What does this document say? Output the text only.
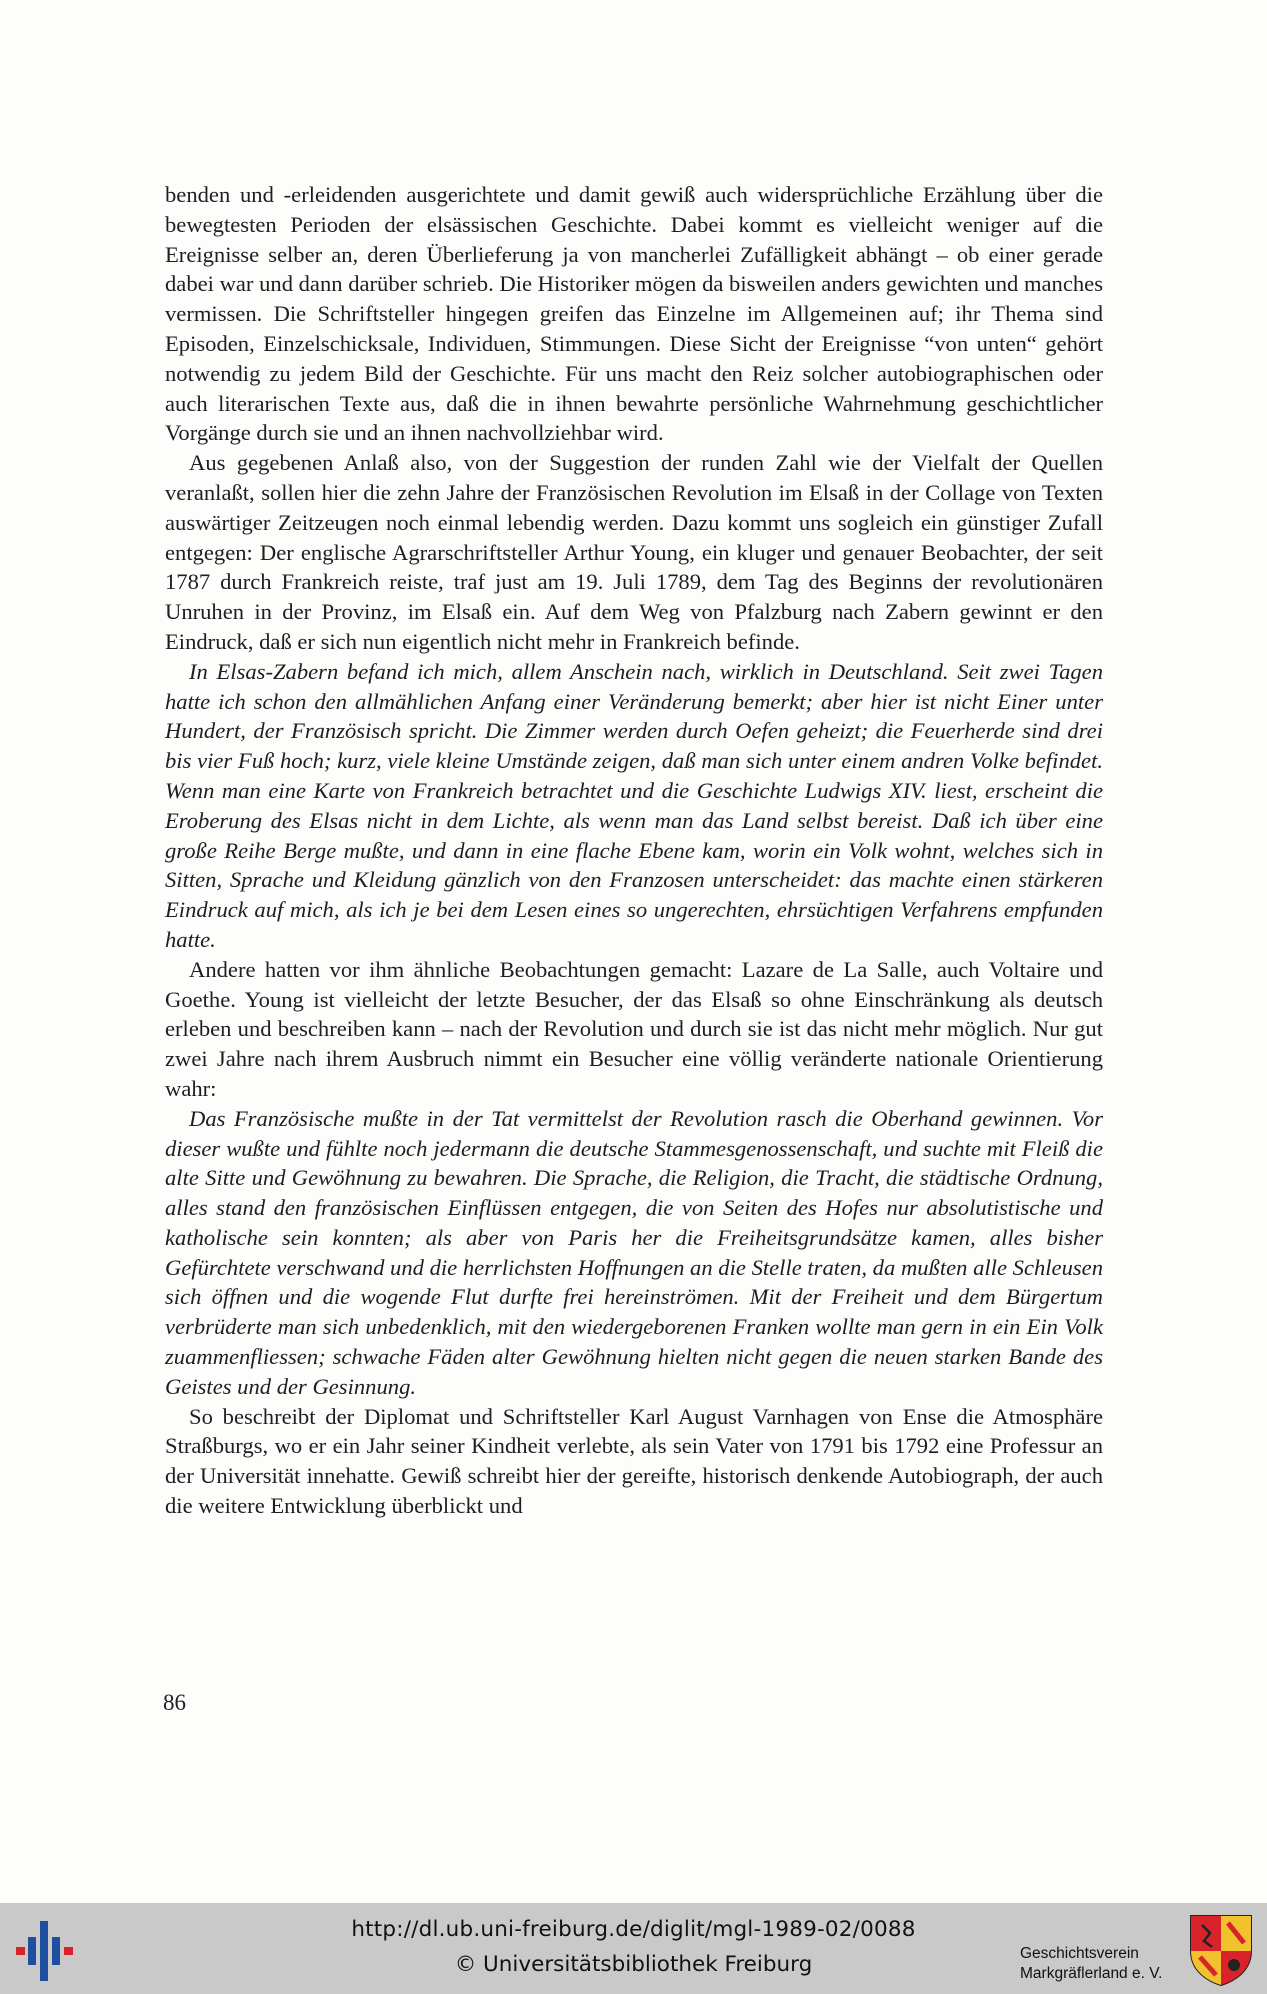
benden und -erleidenden ausgerichtete und damit gewiß auch widersprüchliche Erzählung über die bewegtesten Perioden der elsässischen Geschichte. Dabei kommt es vielleicht weniger auf die Ereignisse selber an, deren Überlieferung ja von mancherlei Zufälligkeit abhängt – ob einer gerade dabei war und dann darüber schrieb. Die Historiker mögen da bisweilen anders gewichten und manches vermissen. Die Schriftsteller hingegen greifen das Einzelne im Allgemeinen auf; ihr Thema sind Episoden, Einzelschicksale, Individuen, Stimmungen. Diese Sicht der Ereignisse “von unten“ gehört notwendig zu jedem Bild der Geschichte. Für uns macht den Reiz solcher autobiographischen oder auch literarischen Texte aus, daß die in ihnen bewahrte persönliche Wahrnehmung geschichtlicher Vorgänge durch sie und an ihnen nachvollziehbar wird.

Aus gegebenen Anlaß also, von der Suggestion der runden Zahl wie der Vielfalt der Quellen veranlaßt, sollen hier die zehn Jahre der Französischen Revolution im Elsaß in der Collage von Texten auswärtiger Zeitzeugen noch einmal lebendig werden. Dazu kommt uns sogleich ein günstiger Zufall entgegen: Der englische Agrarschriftsteller Arthur Young, ein kluger und genauer Beobachter, der seit 1787 durch Frankreich reiste, traf just am 19. Juli 1789, dem Tag des Beginns der revolutionären Unruhen in der Provinz, im Elsaß ein. Auf dem Weg von Pfalzburg nach Zabern gewinnt er den Eindruck, daß er sich nun eigentlich nicht mehr in Frankreich befinde.

In Elsas-Zabern befand ich mich, allem Anschein nach, wirklich in Deutschland. Seit zwei Tagen hatte ich schon den allmählichen Anfang einer Veränderung bemerkt; aber hier ist nicht Einer unter Hundert, der Französisch spricht. Die Zimmer werden durch Oefen geheizt; die Feuerherde sind drei bis vier Fuß hoch; kurz, viele kleine Umstände zeigen, daß man sich unter einem andren Volke befindet. Wenn man eine Karte von Frankreich betrachtet und die Geschichte Ludwigs XIV. liest, erscheint die Eroberung des Elsas nicht in dem Lichte, als wenn man das Land selbst bereist. Daß ich über eine große Reihe Berge mußte, und dann in eine flache Ebene kam, worin ein Volk wohnt, welches sich in Sitten, Sprache und Kleidung gänzlich von den Franzosen unterscheidet: das machte einen stärkeren Eindruck auf mich, als ich je bei dem Lesen eines so ungerechten, ehrsüchtigen Verfahrens empfunden hatte.

Andere hatten vor ihm ähnliche Beobachtungen gemacht: Lazare de La Salle, auch Voltaire und Goethe. Young ist vielleicht der letzte Besucher, der das Elsaß so ohne Einschränkung als deutsch erleben und beschreiben kann – nach der Revolution und durch sie ist das nicht mehr möglich. Nur gut zwei Jahre nach ihrem Ausbruch nimmt ein Besucher eine völlig veränderte nationale Orientierung wahr:

Das Französische mußte in der Tat vermittelst der Revolution rasch die Oberhand gewinnen. Vor dieser wußte und fühlte noch jedermann die deutsche Stammesgenossenschaft, und suchte mit Fleiß die alte Sitte und Gewöhnung zu bewahren. Die Sprache, die Religion, die Tracht, die städtische Ordnung, alles stand den französischen Einflüssen entgegen, die von Seiten des Hofes nur absolutistische und katholische sein konnten; als aber von Paris her die Freiheitsgrundsätze kamen, alles bisher Gefürchtete verschwand und die herrlichsten Hoffnungen an die Stelle traten, da mußten alle Schleusen sich öffnen und die wogende Flut durfte frei hereinströmen. Mit der Freiheit und dem Bürgertum verbrüderte man sich unbedenklich, mit den wiedergeborenen Franken wollte man gern in ein Ein Volk zuammenfliessen; schwache Fäden alter Gewöhnung hielten nicht gegen die neuen starken Bande des Geistes und der Gesinnung.

So beschreibt der Diplomat und Schriftsteller Karl August Varnhagen von Ense die Atmosphäre Straßburgs, wo er ein Jahr seiner Kindheit verlebte, als sein Vater von 1791 bis 1792 eine Professur an der Universität innehatte. Gewiß schreibt hier der gereifte, historisch denkende Autobiograph, der auch die weitere Entwicklung überblickt und

86
http://dl.ub.uni-freiburg.de/diglit/mgl-1989-02/0088
© Universitätsbibliothek Freiburg	Geschichtsverein
Markgräflerland e. V.
